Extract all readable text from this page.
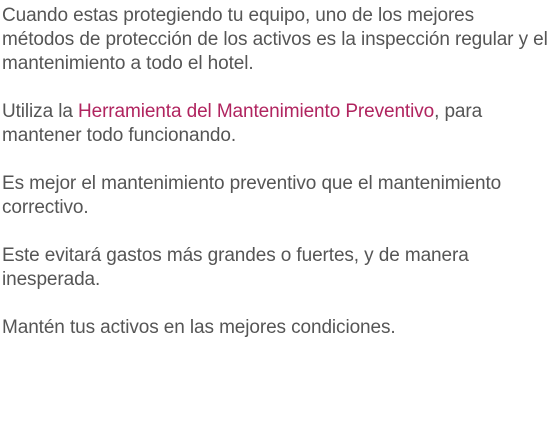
Cuando estas protegiendo tu equipo, uno de los mejores métodos de protección de los activos es la inspección regular y el mantenimiento a todo el hotel.

Utiliza la Herramienta del Mantenimiento Preventivo, para mantener todo funcionando.

Es mejor el mantenimiento preventivo que el mantenimiento correctivo.

Este evitará gastos más grandes o fuertes, y de manera inesperada.

Mantén tus activos en las mejores condiciones.
